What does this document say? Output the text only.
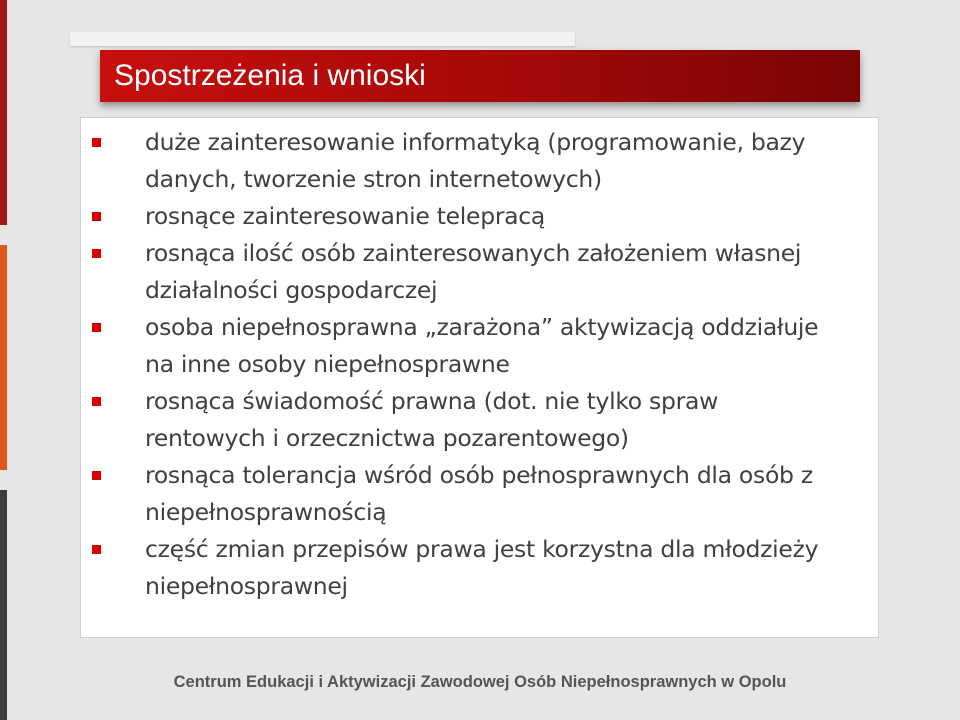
Spostrzeżenia i wnioski
duże zainteresowanie informatyką (programowanie, bazy danych, tworzenie stron internetowych)
rosnące zainteresowanie telepracą
rosnąca ilość osób zainteresowanych założeniem własnej działalności gospodarczej
osoba niepełnosprawna „zarażona” aktywizacją oddziałuje na inne osoby niepełnosprawne
rosnąca świadomość prawna (dot. nie tylko spraw rentowych i orzecznictwa pozarentowego)
rosnąca tolerancja wśród osób pełnosprawnych dla osób z niepełnosprawnością
część zmian przepisów prawa jest korzystna dla młodzieży niepełnosprawnej
Centrum Edukacji i Aktywizacji Zawodowej Osób Niepełnosprawnych w Opolu
